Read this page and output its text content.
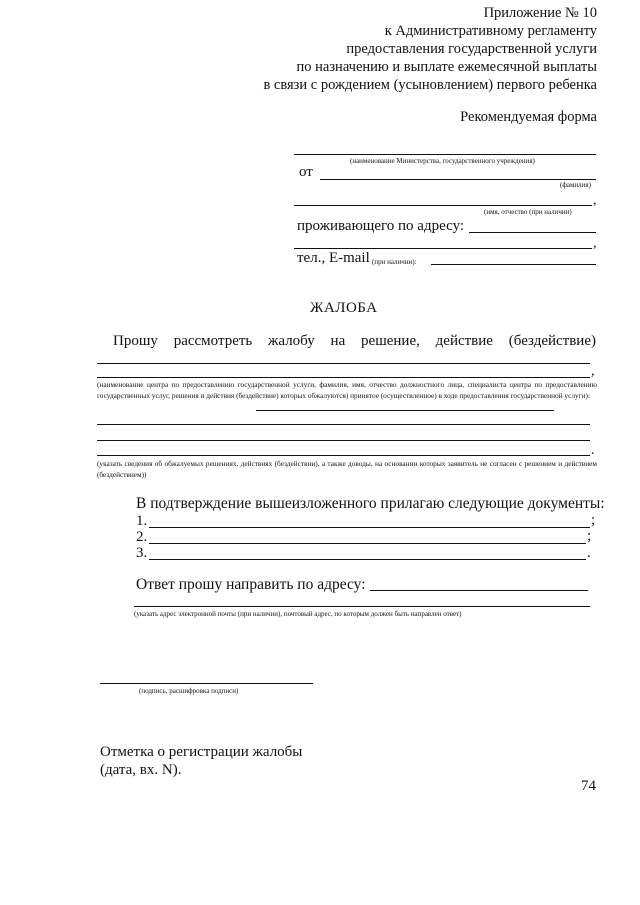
Приложение № 10
к Административному регламенту
предоставления государственной услуги
по назначению и выплате ежемесячной выплаты
в связи с рождением (усыновлением) первого ребенка
Рекомендуемая форма
(наименование Министерства, государственного учреждения)
от
(фамилия)
,
(имя, отчество (при наличии)
проживающего по адресу:
,
тел., E-mail (при наличии):
ЖАЛОБА
Прошу рассмотреть жалобу на решение, действие (бездействие)
,
(наименование центра по предоставлению государственной услуги, фамилия, имя, отчество должностного лица, специалиста центра по предоставлению государственных услуг, решения и действия (бездействие) которых обжалуются) принятое (осуществленное) в ходе предоставления государственной услуги):
.
(указать сведения об обжалуемых решениях, действиях (бездействии), а также доводы, на основании которых заявитель не согласен с решением и действием (бездействием))
В подтверждение вышеизложенного прилагаю следующие документы:
1.	;
2.	;
3.	.
Ответ прошу направить по адресу:
(указать адрес электронной почты (при наличии), почтовый адрес, по которым должен быть направлен ответ)
(подпись, расшифровка подписи)
Отметка о регистрации жалобы
(дата, вх. N).
74
